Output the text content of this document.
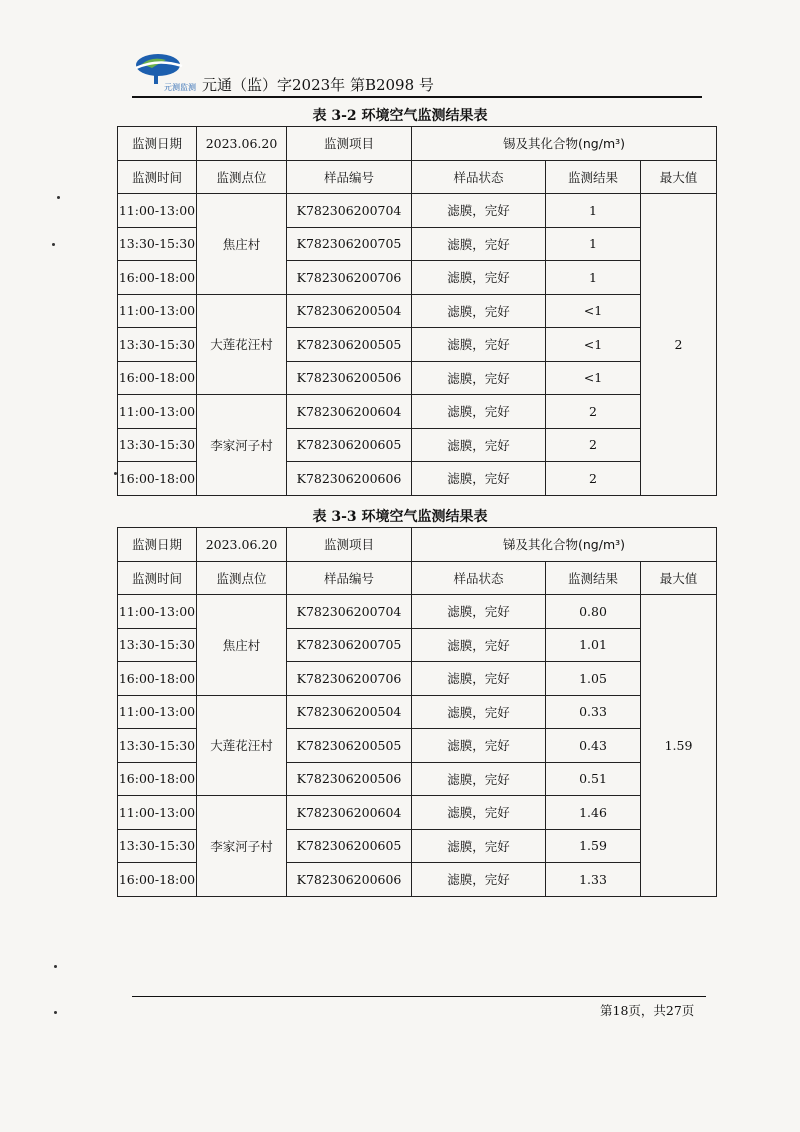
元测监测 元通（监）字2023年 第B2098 号
表 3-2 环境空气监测结果表
监测日期	2023.06.20	监测项目	锡及其化合物(ng/m³)		
监测时间	监测点位	样品编号	样品状态	监测结果	最大值
11:00-13:00	焦庄村	K782306200704	滤膜，完好	1	2
13:30-15:30		K782306200705	滤膜，完好	1	
16:00-18:00		K782306200706	滤膜，完好	1	
11:00-13:00	大莲花汪村	K782306200504	滤膜，完好	<1	
13:30-15:30		K782306200505	滤膜，完好	<1	
16:00-18:00		K782306200506	滤膜，完好	<1	
11:00-13:00	李家河子村	K782306200604	滤膜，完好	2	
13:30-15:30		K782306200605	滤膜，完好	2	
16:00-18:00		K782306200606	滤膜，完好	2	
表 3-3 环境空气监测结果表
监测日期	2023.06.20	监测项目	锑及其化合物(ng/m³)		
监测时间	监测点位	样品编号	样品状态	监测结果	最大值
11:00-13:00	焦庄村	K782306200704	滤膜，完好	0.80	1.59
13:30-15:30		K782306200705	滤膜，完好	1.01	
16:00-18:00		K782306200706	滤膜，完好	1.05	
11:00-13:00	大莲花汪村	K782306200504	滤膜，完好	0.33	
13:30-15:30		K782306200505	滤膜，完好	0.43	
16:00-18:00		K782306200506	滤膜，完好	0.51	
11:00-13:00	李家河子村	K782306200604	滤膜，完好	1.46	
13:30-15:30		K782306200605	滤膜，完好	1.59	
16:00-18:00		K782306200606	滤膜，完好	1.33	
第18页，共27页
